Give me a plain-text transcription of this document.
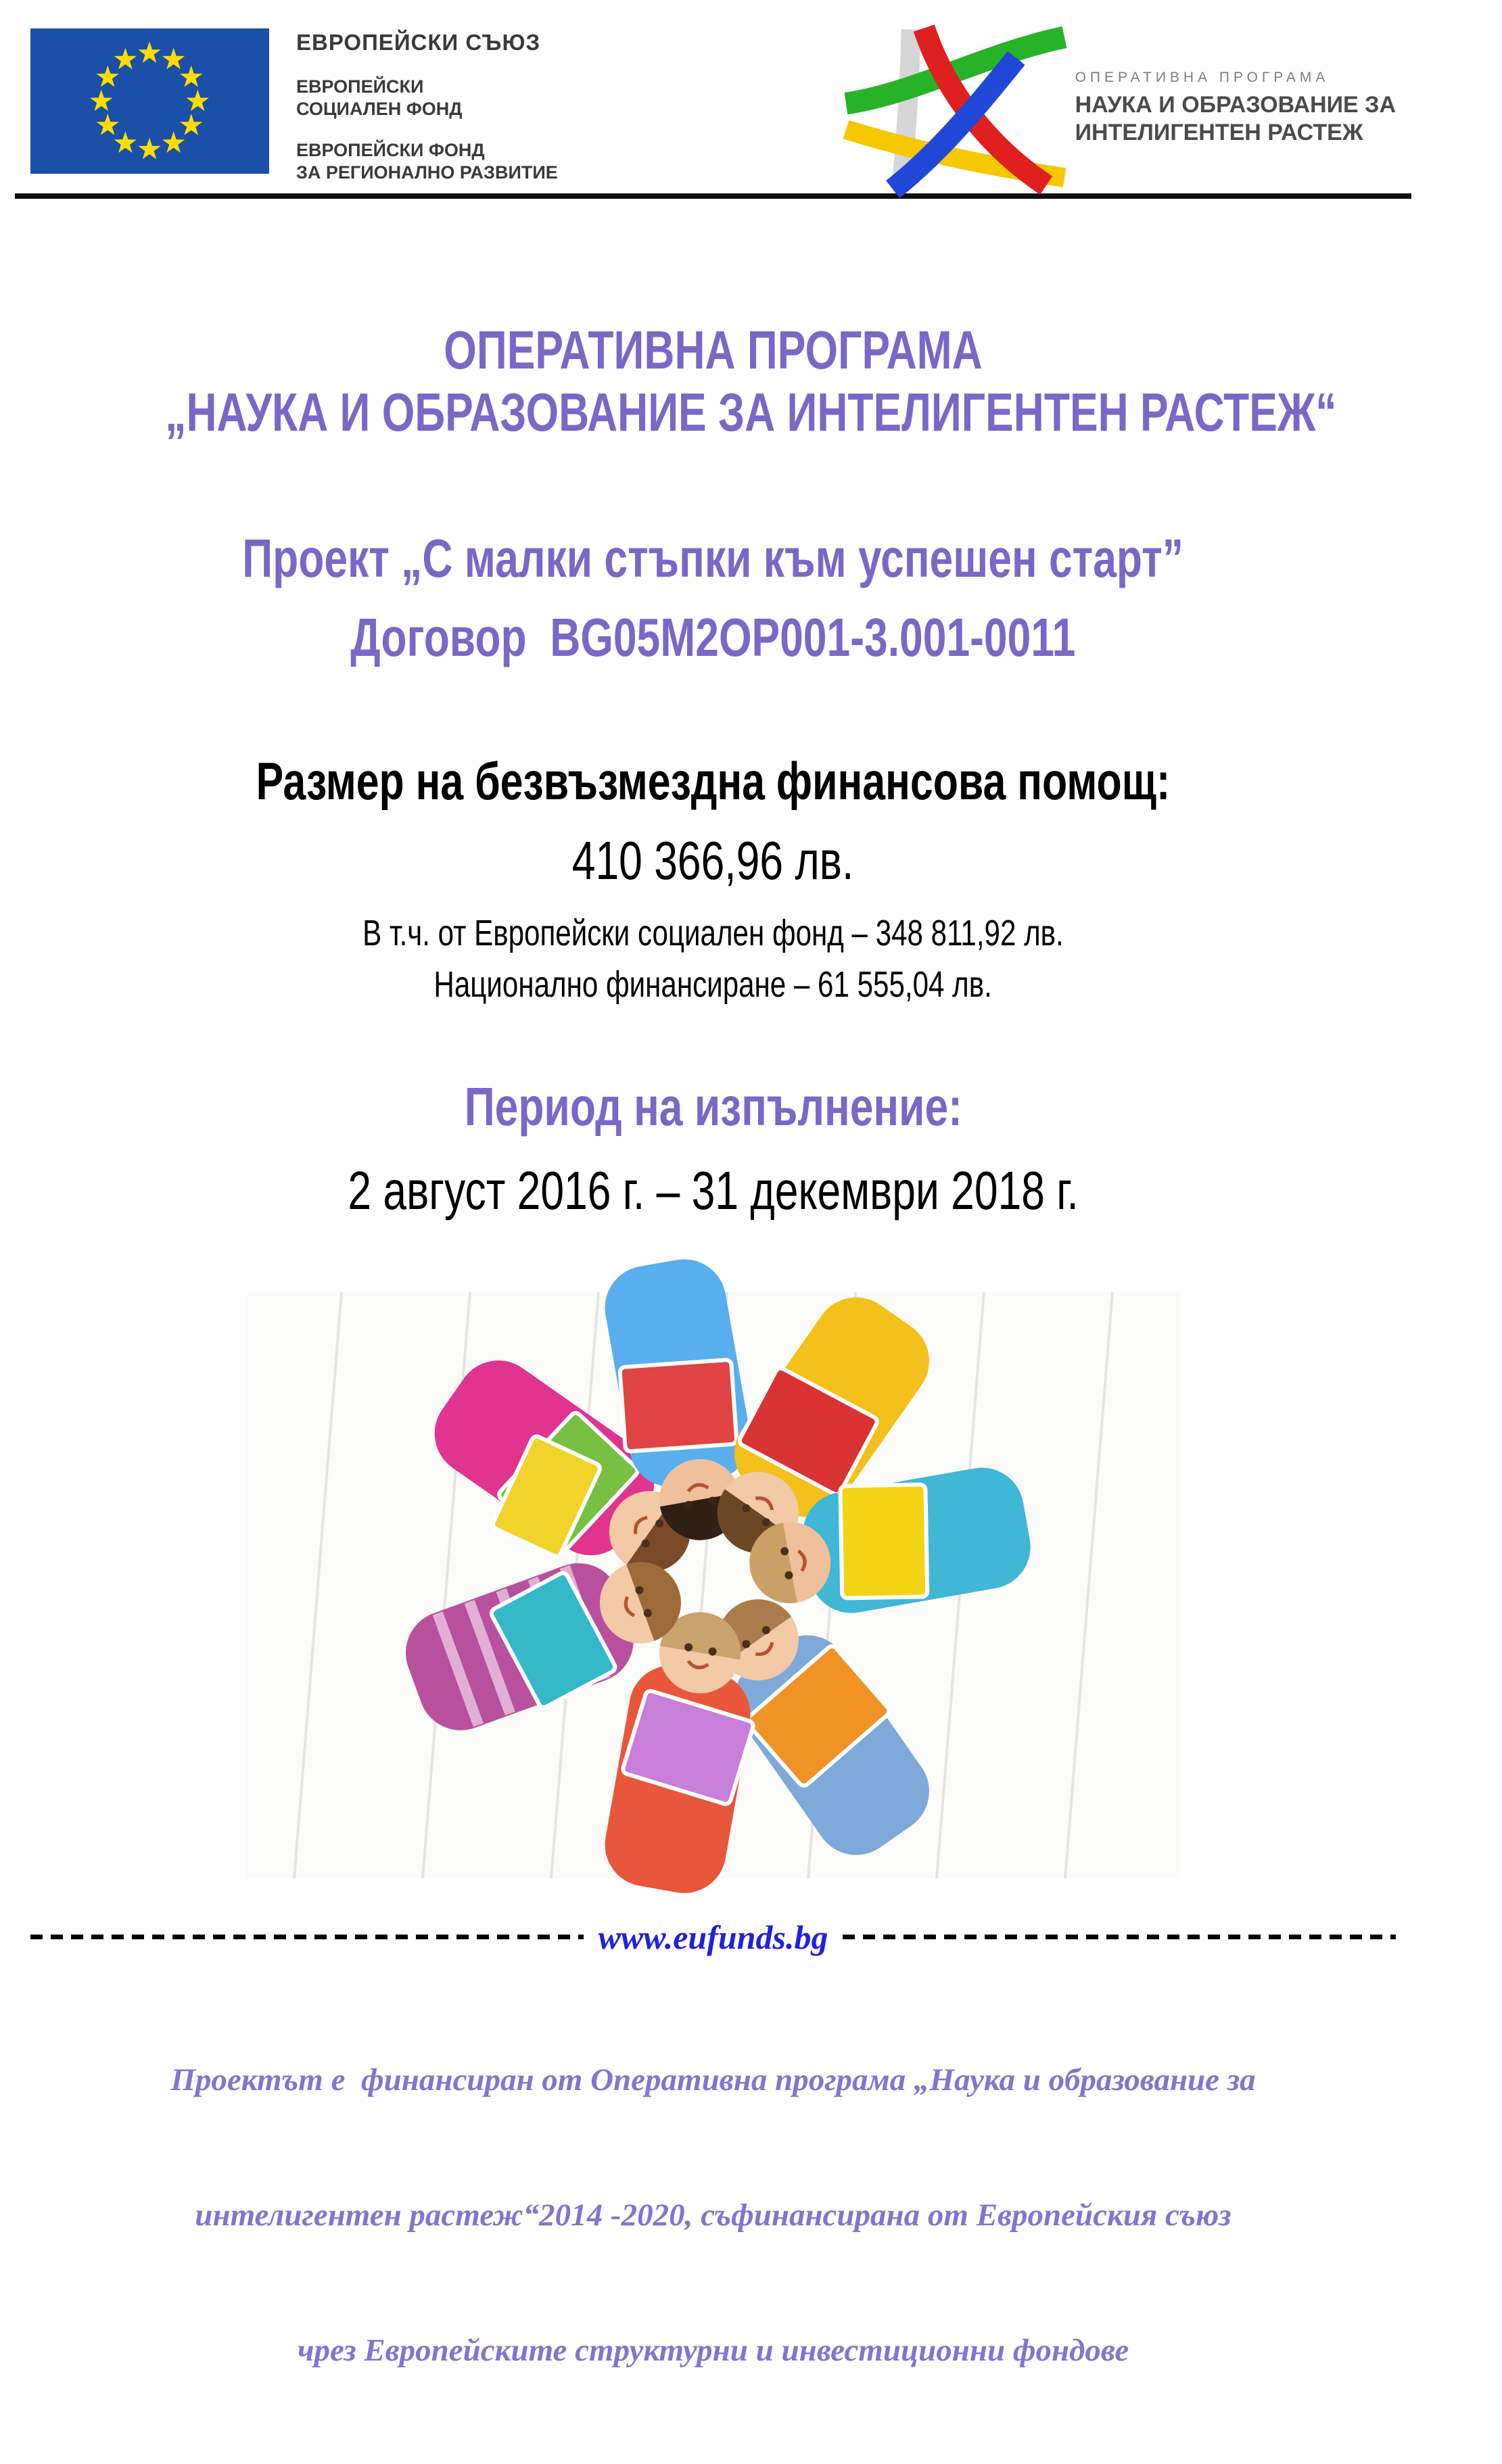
ЕВРОПЕЙСКИ СЪЮЗ
ЕВРОПЕЙСКИ
СОЦИАЛЕН ФОНД
ЕВРОПЕЙСКИ ФОНД
ЗА РЕГИОНАЛНО РАЗВИТИЕ
ОПЕРАТИВНА ПРОГРАМА
НАУКА И ОБРАЗОВАНИЕ ЗА
ИНТЕЛИГЕНТЕН РАСТЕЖ
ОПЕРАТИВНА ПРОГРАМА
„НАУКА И ОБРАЗОВАНИЕ ЗА ИНТЕЛИГЕНТЕН РАСТЕЖ“
Проект „С малки стъпки към успешен старт”
Договор  BG05M2OP001-3.001-0011
Размер на безвъзмездна финансова помощ:
410 366,96 лв.
В т.ч. от Европейски социален фонд – 348 811,92 лв.
Национално финансиране – 61 555,04 лв.
Период на изпълнение:
2 август 2016 г. – 31 декември 2018 г.
www.eufunds.bg

Проектът е  финансиран от Оперативна програма „Наука и образование за

интелигентен растеж“2014 -2020, съфинансирана от Европейския съюз

чрез Европейските структурни и инвестиционни фондове
